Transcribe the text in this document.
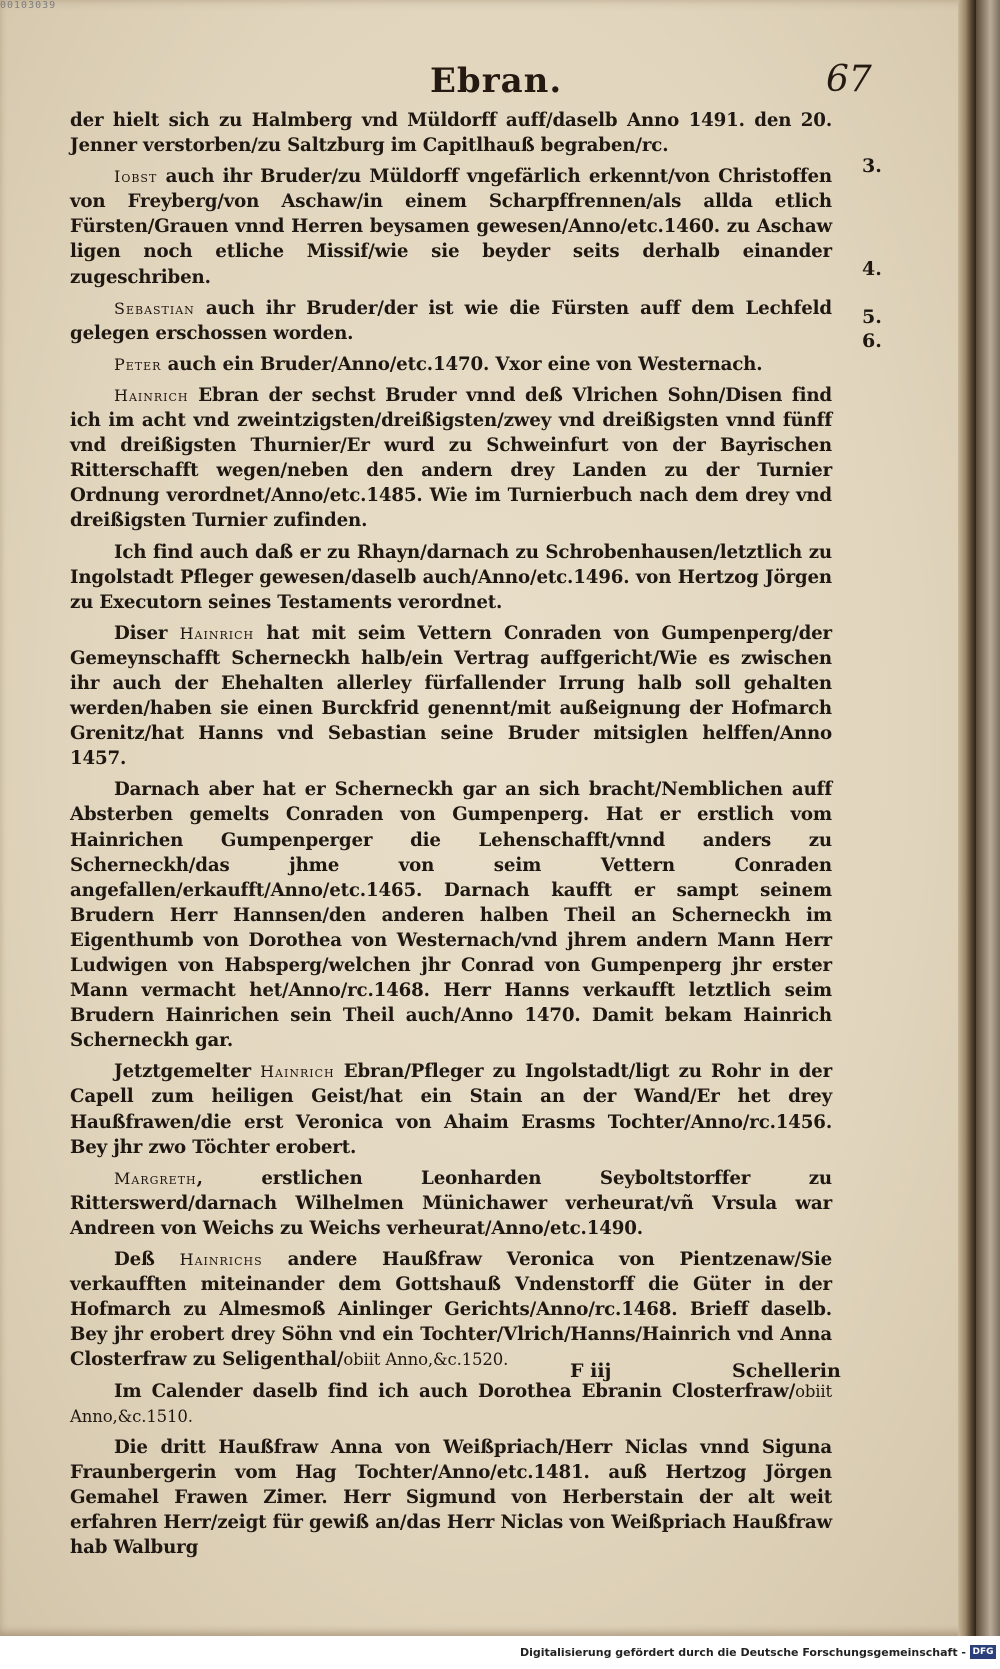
00103039
Ebran.	67

der hielt sich zu Halmberg vnd Müldorff auff/daselb Anno 1491. den 20. Jenner verstorben/zu Saltzburg im Capitlhauß begraben/rc.

Iobst auch ihr Bruder/zu Müldorff vngefärlich erkennt/von Christoffen von Freyberg/von Aschaw/in einem Scharpffrennen/als allda etlich Fürsten/Grauen vnnd Herren beysamen gewesen/Anno/etc.1460. zu Aschaw ligen noch etliche Missif/wie sie beyder seits derhalb einander zugeschriben.

Sebastian auch ihr Bruder/der ist wie die Fürsten auff dem Lechfeld gelegen erschossen worden.

Peter auch ein Bruder/Anno/etc.1470. Vxor eine von Westernach.

Hainrich Ebran der sechst Bruder vnnd deß Vlrichen Sohn/Disen find ich im acht vnd zweintzigsten/dreißigsten/zwey vnd dreißigsten vnnd fünff vnd dreißigsten Thurnier/Er wurd zu Schweinfurt von der Bayrischen Ritterschafft wegen/neben den andern drey Landen zu der Turnier Ordnung verordnet/Anno/etc.1485. Wie im Turnierbuch nach dem drey vnd dreißigsten Turnier zufinden.

Ich find auch daß er zu Rhayn/darnach zu Schrobenhausen/letztlich zu Ingolstadt Pfleger gewesen/daselb auch/Anno/etc.1496. von Hertzog Jörgen zu Executorn seines Testaments verordnet.

Diser Hainrich hat mit seim Vettern Conraden von Gumpenperg/der Gemeynschafft Scherneckh halb/ein Vertrag auffgericht/Wie es zwischen ihr auch der Ehehalten allerley fürfallender Irrung halb soll gehalten werden/haben sie einen Burckfrid genennt/mit außeignung der Hofmarch Grenitz/hat Hanns vnd Sebastian seine Bruder mitsiglen helffen/Anno 1457.

Darnach aber hat er Scherneckh gar an sich bracht/Nemblichen auff Absterben gemelts Conraden von Gumpenperg. Hat er erstlich vom Hainrichen Gumpenperger die Lehenschafft/vnnd anders zu Scherneckh/das jhme von seim Vettern Conraden angefallen/erkaufft/Anno/etc.1465. Darnach kaufft er sampt seinem Brudern Herr Hannsen/den anderen halben Theil an Scherneckh im Eigenthumb von Dorothea von Westernach/vnd jhrem andern Mann Herr Ludwigen von Habsperg/welchen jhr Conrad von Gumpenperg jhr erster Mann vermacht het/Anno/rc.1468. Herr Hanns verkaufft letztlich seim Brudern Hainrichen sein Theil auch/Anno 1470. Damit bekam Hainrich Scherneckh gar.

Jetztgemelter Hainrich Ebran/Pfleger zu Ingolstadt/ligt zu Rohr in der Capell zum heiligen Geist/hat ein Stain an der Wand/Er het drey Haußfrawen/die erst Veronica von Ahaim Erasms Tochter/Anno/rc.1456. Bey jhr zwo Töchter erobert.

Margreth, erstlichen Leonharden Seyboltstorffer zu Ritterswerd/darnach Wilhelmen Münichawer verheurat/vñ Vrsula war Andreen von Weichs zu Weichs verheurat/Anno/etc.1490.

Deß Hainrichs andere Haußfraw Veronica von Pientzenaw/Sie verkaufften miteinander dem Gottshauß Vndenstorff die Güter in der Hofmarch zu Almesmoß Ainlinger Gerichts/Anno/rc.1468. Brieff daselb. Bey jhr erobert drey Söhn vnd ein Tochter/Vlrich/Hanns/Hainrich vnd Anna Closterfraw zu Seligenthal/obiit Anno,&c.1520.

Im Calender daselb find ich auch Dorothea Ebranin Closterfraw/obiit Anno,&c.1510.

Die dritt Haußfraw Anna von Weißpriach/Herr Niclas vnnd Siguna Fraunbergerin vom Hag Tochter/Anno/etc.1481. auß Hertzog Jörgen Gemahel Frawen Zimer. Herr Sigmund von Herberstain der alt weit erfahren Herr/zeigt für gewiß an/das Herr Niclas von Weißpriach Haußfraw hab Walburg

3.
4.
5.
6.
F iij	Schellerin
Digitalisierung gefördert durch die Deutsche Forschungsgemeinschaft - DFG
